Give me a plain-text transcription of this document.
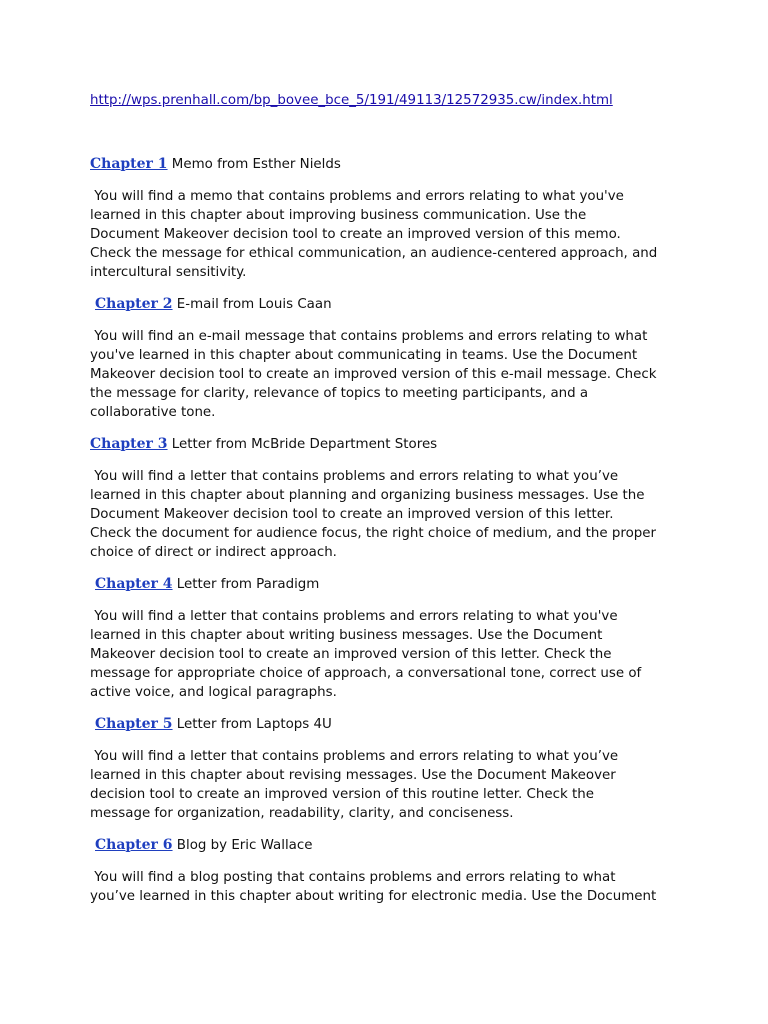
http://wps.prenhall.com/bp_bovee_bce_5/191/49113/12572935.cw/index.html
Chapter 1 Memo from Esther Nields
You will find a memo that contains problems and errors relating to what you've
learned in this chapter about improving business communication. Use the
Document Makeover decision tool to create an improved version of this memo.
Check the message for ethical communication, an audience-centered approach, and
intercultural sensitivity.
Chapter 2 E-mail from Louis Caan
You will find an e-mail message that contains problems and errors relating to what
you've learned in this chapter about communicating in teams. Use the Document
Makeover decision tool to create an improved version of this e-mail message. Check
the message for clarity, relevance of topics to meeting participants, and a
collaborative tone.
Chapter 3 Letter from McBride Department Stores
You will find a letter that contains problems and errors relating to what you’ve
learned in this chapter about planning and organizing business messages. Use the
Document Makeover decision tool to create an improved version of this letter.
Check the document for audience focus, the right choice of medium, and the proper
choice of direct or indirect approach.
Chapter 4 Letter from Paradigm
You will find a letter that contains problems and errors relating to what you've
learned in this chapter about writing business messages. Use the Document
Makeover decision tool to create an improved version of this letter. Check the
message for appropriate choice of approach, a conversational tone, correct use of
active voice, and logical paragraphs.
Chapter 5 Letter from Laptops 4U
You will find a letter that contains problems and errors relating to what you’ve
learned in this chapter about revising messages. Use the Document Makeover
decision tool to create an improved version of this routine letter. Check the
message for organization, readability, clarity, and conciseness.
Chapter 6 Blog by Eric Wallace
You will find a blog posting that contains problems and errors relating to what
you’ve learned in this chapter about writing for electronic media. Use the Document
